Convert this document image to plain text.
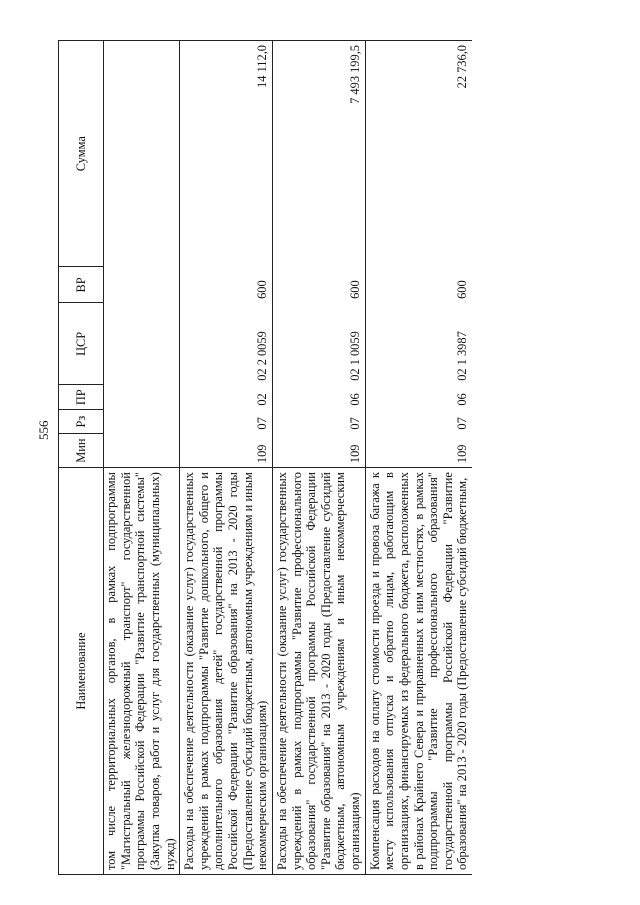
556
Наименование	Мин	Рз	ПР	ЦСР	ВР	Сумма
том числе территориальных органов, в рамках подпрограммы "Магистральный железнодорожный транспорт" государственной программы Российской Федерации "Развитие транспортной системы" (Закупка товаров, работ и услуг для государственных (муниципальных) нужд)						
Расходы на обеспечение деятельности (оказание услуг) государственных учреждений в рамках подпрограммы "Развитие дошкольного, общего и дополнительного образования детей" государственной программы Российской Федерации "Развитие образования" на 2013 - 2020 годы (Предоставление субсидий бюджетным, автономным учреждениям и иным некоммерческим организациям)	109	07	02	02 2 0059	600	14 112,0
Расходы на обеспечение деятельности (оказание услуг) государственных учреждений в рамках подпрограммы "Развитие профессионального образования" государственной программы Российской Федерации "Развитие образования" на 2013 - 2020 годы (Предоставление субсидий бюджетным, автономным учреждениям и иным некоммерческим организациям)	109	07	06	02 1 0059	600	7 493 199,5
Компенсация расходов на оплату стоимости проезда и провоза багажа к месту использования отпуска и обратно лицам, работающим в организациях, финансируемых из федерального бюджета, расположенных в районах Крайнего Севера и приравненных к ним местностях, в рамках подпрограммы "Развитие профессионального образования" государственной программы Российской Федерации "Развитие образования" на 2013 - 2020 годы (Предоставление субсидий бюджетным,	109	07	06	02 1 3987	600	22 736,0
